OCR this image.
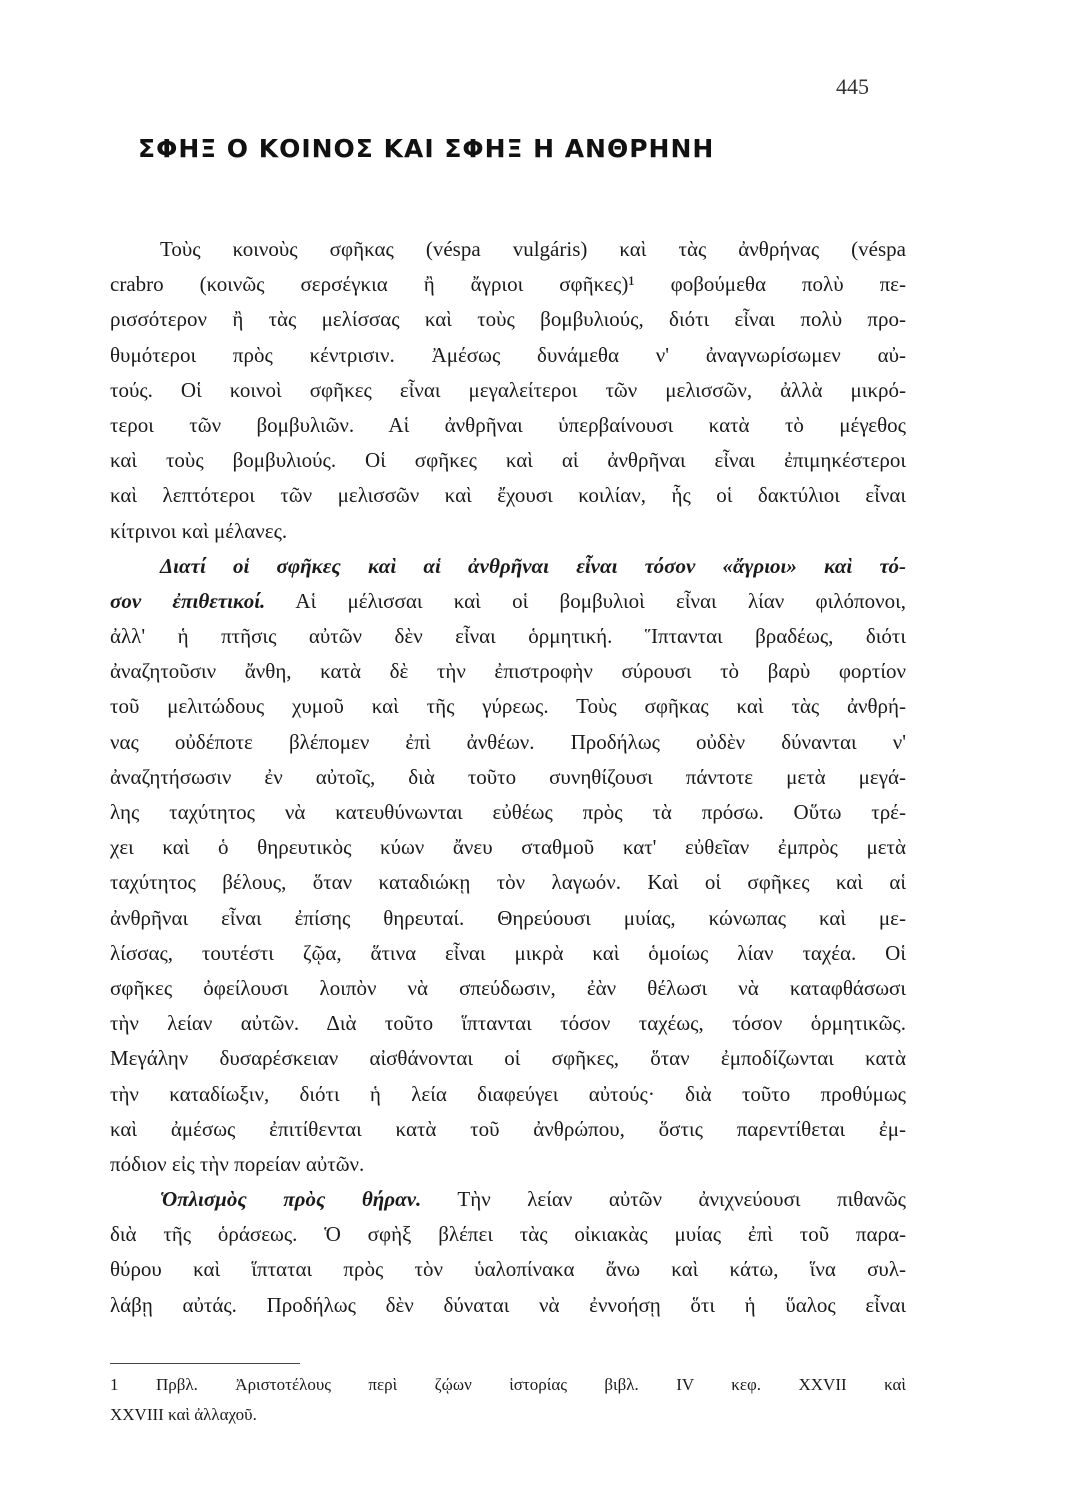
445
ΣΦΗΞ Ο ΚΟΙΝΟΣ ΚΑΙ ΣΦΗΞ Η ΑΝΘΡΗΝΗ
Τοὺς κοινοὺς σφῆκας (véspa vulgáris) καὶ τὰς ἀνθρήνας (véspa
crabro (κοινῶς σερσέγκια ἢ ἄγριοι σφῆκες)¹ φοβούμεθα πολὺ πε-
ρισσότερον ἢ τὰς μελίσσας καὶ τοὺς βομβυλιούς, διότι εἶναι πολὺ προ-
θυμότεροι πρὸς κέντρισιν. Ἀμέσως δυνάμεθα ν' ἀναγνωρίσωμεν αὐ-
τούς. Οἱ κοινοὶ σφῆκες εἶναι μεγαλείτεροι τῶν μελισσῶν, ἀλλὰ μικρό-
τεροι τῶν βομβυλιῶν. Αἱ ἀνθρῆναι ὑπερβαίνουσι κατὰ τὸ μέγεθος
καὶ τοὺς βομβυλιούς. Οἱ σφῆκες καὶ αἱ ἀνθρῆναι εἶναι ἐπιμηκέστεροι
καὶ λεπτότεροι τῶν μελισσῶν καὶ ἔχουσι κοιλίαν, ἧς οἱ δακτύλιοι εἶναι
κίτρινοι καὶ μέλανες.
Διατί οἱ σφῆκες καὶ αἱ ἀνθρῆναι εἶναι τόσον «ἄγριοι» καὶ τό-
σον ἐπιθετικοί. Αἱ μέλισσαι καὶ οἱ βομβυλιοὶ εἶναι λίαν φιλόπονοι,
ἀλλ' ἡ πτῆσις αὐτῶν δὲν εἶναι ὁρμητική. Ἵπτανται βραδέως, διότι
ἀναζητοῦσιν ἄνθη, κατὰ δὲ τὴν ἐπιστροφὴν σύρουσι τὸ βαρὺ φορτίον
τοῦ μελιτώδους χυμοῦ καὶ τῆς γύρεως. Τοὺς σφῆκας καὶ τὰς ἀνθρή-
νας οὐδέποτε βλέπομεν ἐπὶ ἀνθέων. Προδήλως οὐδὲν δύνανται ν'
ἀναζητήσωσιν ἐν αὐτοῖς, διὰ τοῦτο συνηθίζουσι πάντοτε μετὰ μεγά-
λης ταχύτητος νὰ κατευθύνωνται εὐθέως πρὸς τὰ πρόσω. Οὕτω τρέ-
χει καὶ ὁ θηρευτικὸς κύων ἄνευ σταθμοῦ κατ' εὐθεῖαν ἐμπρὸς μετὰ
ταχύτητος βέλους, ὅταν καταδιώκῃ τὸν λαγωόν. Καὶ οἱ σφῆκες καὶ αἱ
ἀνθρῆναι εἶναι ἐπίσης θηρευταί. Θηρεύουσι μυίας, κώνωπας καὶ με-
λίσσας, τουτέστι ζῷα, ἅτινα εἶναι μικρὰ καὶ ὁμοίως λίαν ταχέα. Οἱ
σφῆκες ὀφείλουσι λοιπὸν νὰ σπεύδωσιν, ἐὰν θέλωσι νὰ καταφθάσωσι
τὴν λείαν αὐτῶν. Διὰ τοῦτο ἵπτανται τόσον ταχέως, τόσον ὁρμητικῶς.
Μεγάλην δυσαρέσκειαν αἰσθάνονται οἱ σφῆκες, ὅταν ἐμποδίζωνται κατὰ
τὴν καταδίωξιν, διότι ἡ λεία διαφεύγει αὐτούς· διὰ τοῦτο προθύμως
καὶ ἀμέσως ἐπιτίθενται κατὰ τοῦ ἀνθρώπου, ὅστις παρεντίθεται ἐμ-
πόδιον εἰς τὴν πορείαν αὐτῶν.
Ὁπλισμὸς πρὸς θήραν. Τὴν λείαν αὐτῶν ἀνιχνεύουσι πιθανῶς
διὰ τῆς ὁράσεως. Ὁ σφὴξ βλέπει τὰς οἰκιακὰς μυίας ἐπὶ τοῦ παρα-
θύρου καὶ ἵπταται πρὸς τὸν ὑαλοπίνακα ἄνω καὶ κάτω, ἵνα συλ-
λάβῃ αὐτάς. Προδήλως δὲν δύναται νὰ ἐννοήσῃ ὅτι ἡ ὕαλος εἶναι
1 Πρβλ. Ἀριστοτέλους περὶ ζῴων ἱστορίας βιβλ. IV κεφ. XXVII καὶ
XXVIII καὶ ἀλλαχοῦ.
